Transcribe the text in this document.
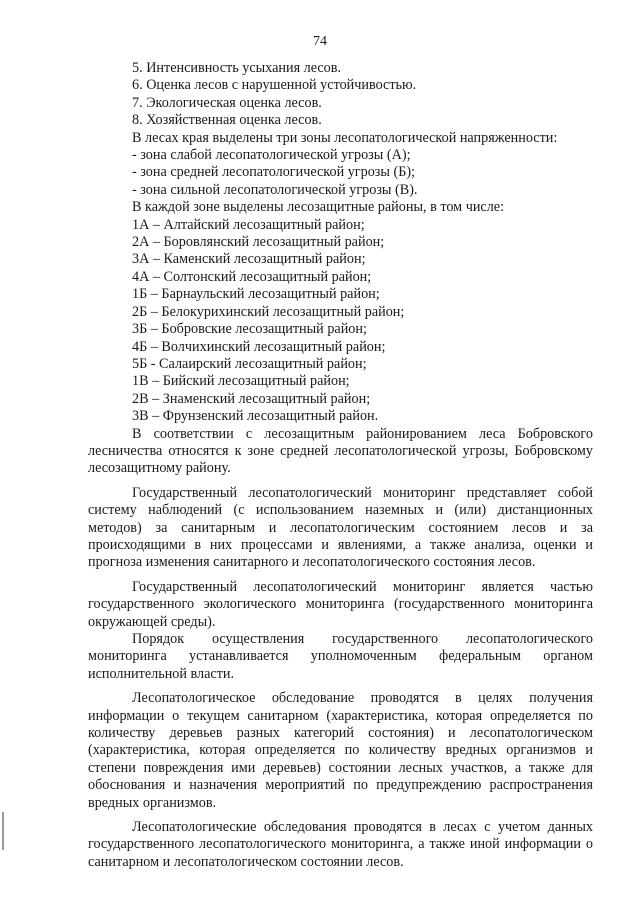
74
5. Интенсивность усыхания лесов.
6. Оценка лесов с нарушенной устойчивостью.
7. Экологическая оценка лесов.
8. Хозяйственная оценка лесов.
В лесах края выделены три зоны лесопатологической напряженности:
- зона слабой лесопатологической угрозы (А);
- зона средней лесопатологической угрозы (Б);
- зона сильной лесопатологической угрозы (В).
В каждой зоне выделены лесозащитные районы, в том числе:
1А – Алтайский лесозащитный район;
2А – Боровлянский лесозащитный район;
3А – Каменский лесозащитный район;
4А – Солтонский лесозащитный район;
1Б – Барнаульский лесозащитный район;
2Б – Белокурихинский лесозащитный район;
3Б – Бобровские лесозащитный район;
4Б – Волчихинский лесозащитный район;
5Б - Салаирский лесозащитный район;
1В – Бийский лесозащитный район;
2В – Знаменский лесозащитный район;
3В – Фрунзенский лесозащитный район.
В соответствии с лесозащитным районированием леса Бобровского лесничества относятся к зоне средней лесопатологической угрозы, Бобровскому лесозащитному району.
Государственный лесопатологический мониторинг представляет собой систему наблюдений (с использованием наземных и (или) дистанционных методов) за санитарным и лесопатологическим состоянием лесов и за происходящими в них процессами и явлениями, а также анализа, оценки и прогноза изменения санитарного и лесопатологического состояния лесов.
Государственный лесопатологический мониторинг является частью государственного экологического мониторинга (государственного мониторинга окружающей среды).
Порядок осуществления государственного лесопатологического мониторинга устанавливается уполномоченным федеральным органом исполнительной власти.
Лесопатологическое обследование проводятся в целях получения информации о текущем санитарном (характеристика, которая определяется по количеству деревьев разных категорий состояния) и лесопатологическом (характеристика, которая определяется по количеству вредных организмов и степени повреждения ими деревьев) состоянии лесных участков, а также для обоснования и назначения мероприятий по предупреждению распространения вредных организмов.
Лесопатологические обследования проводятся в лесах с учетом данных государственного лесопатологического мониторинга, а также иной информации о санитарном и лесопатологическом состоянии лесов.
